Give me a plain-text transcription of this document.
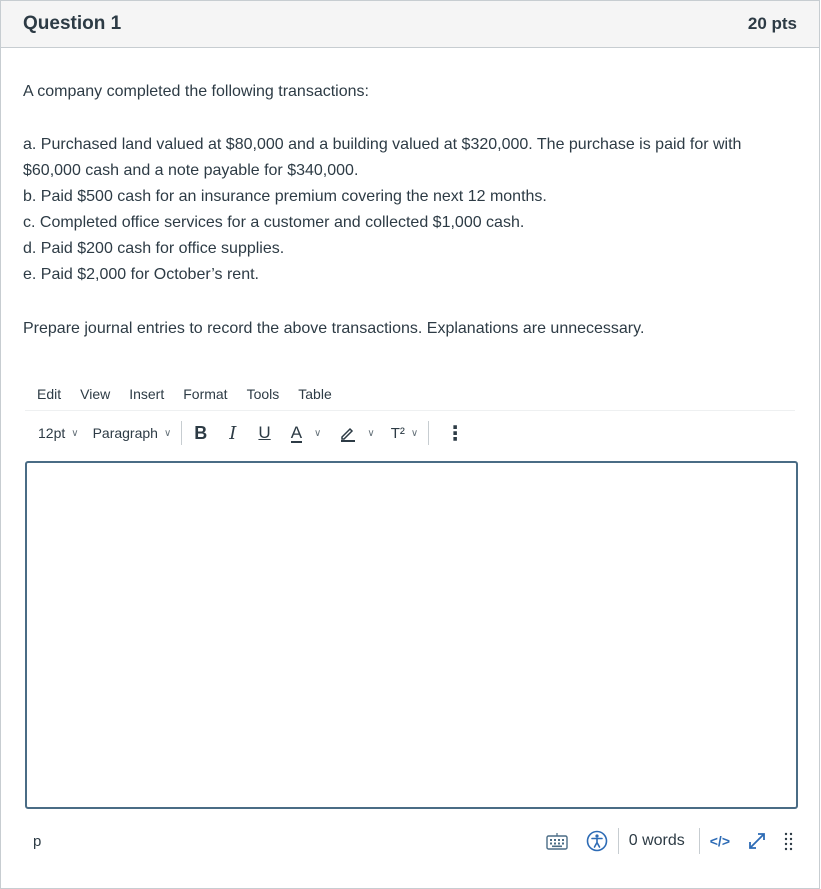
Question 1	20 pts

A company completed the following transactions:

a. Purchased land valued at $80,000 and a building valued at $320,000. The purchase is paid for with $60,000 cash and a note payable for $340,000.

b. Paid $500 cash for an insurance premium covering the next 12 months.

c. Completed office services for a customer and collected $1,000 cash.

d. Paid $200 cash for office supplies.

e. Paid $2,000 for October’s rent.

Prepare journal entries to record the above transactions. Explanations are unnecessary.

Edit View Insert Format Tools Table
12pt ∨ Paragraph ∨ B I U A ∨	∨ T² ∨ ⋮
p	0 words </>
